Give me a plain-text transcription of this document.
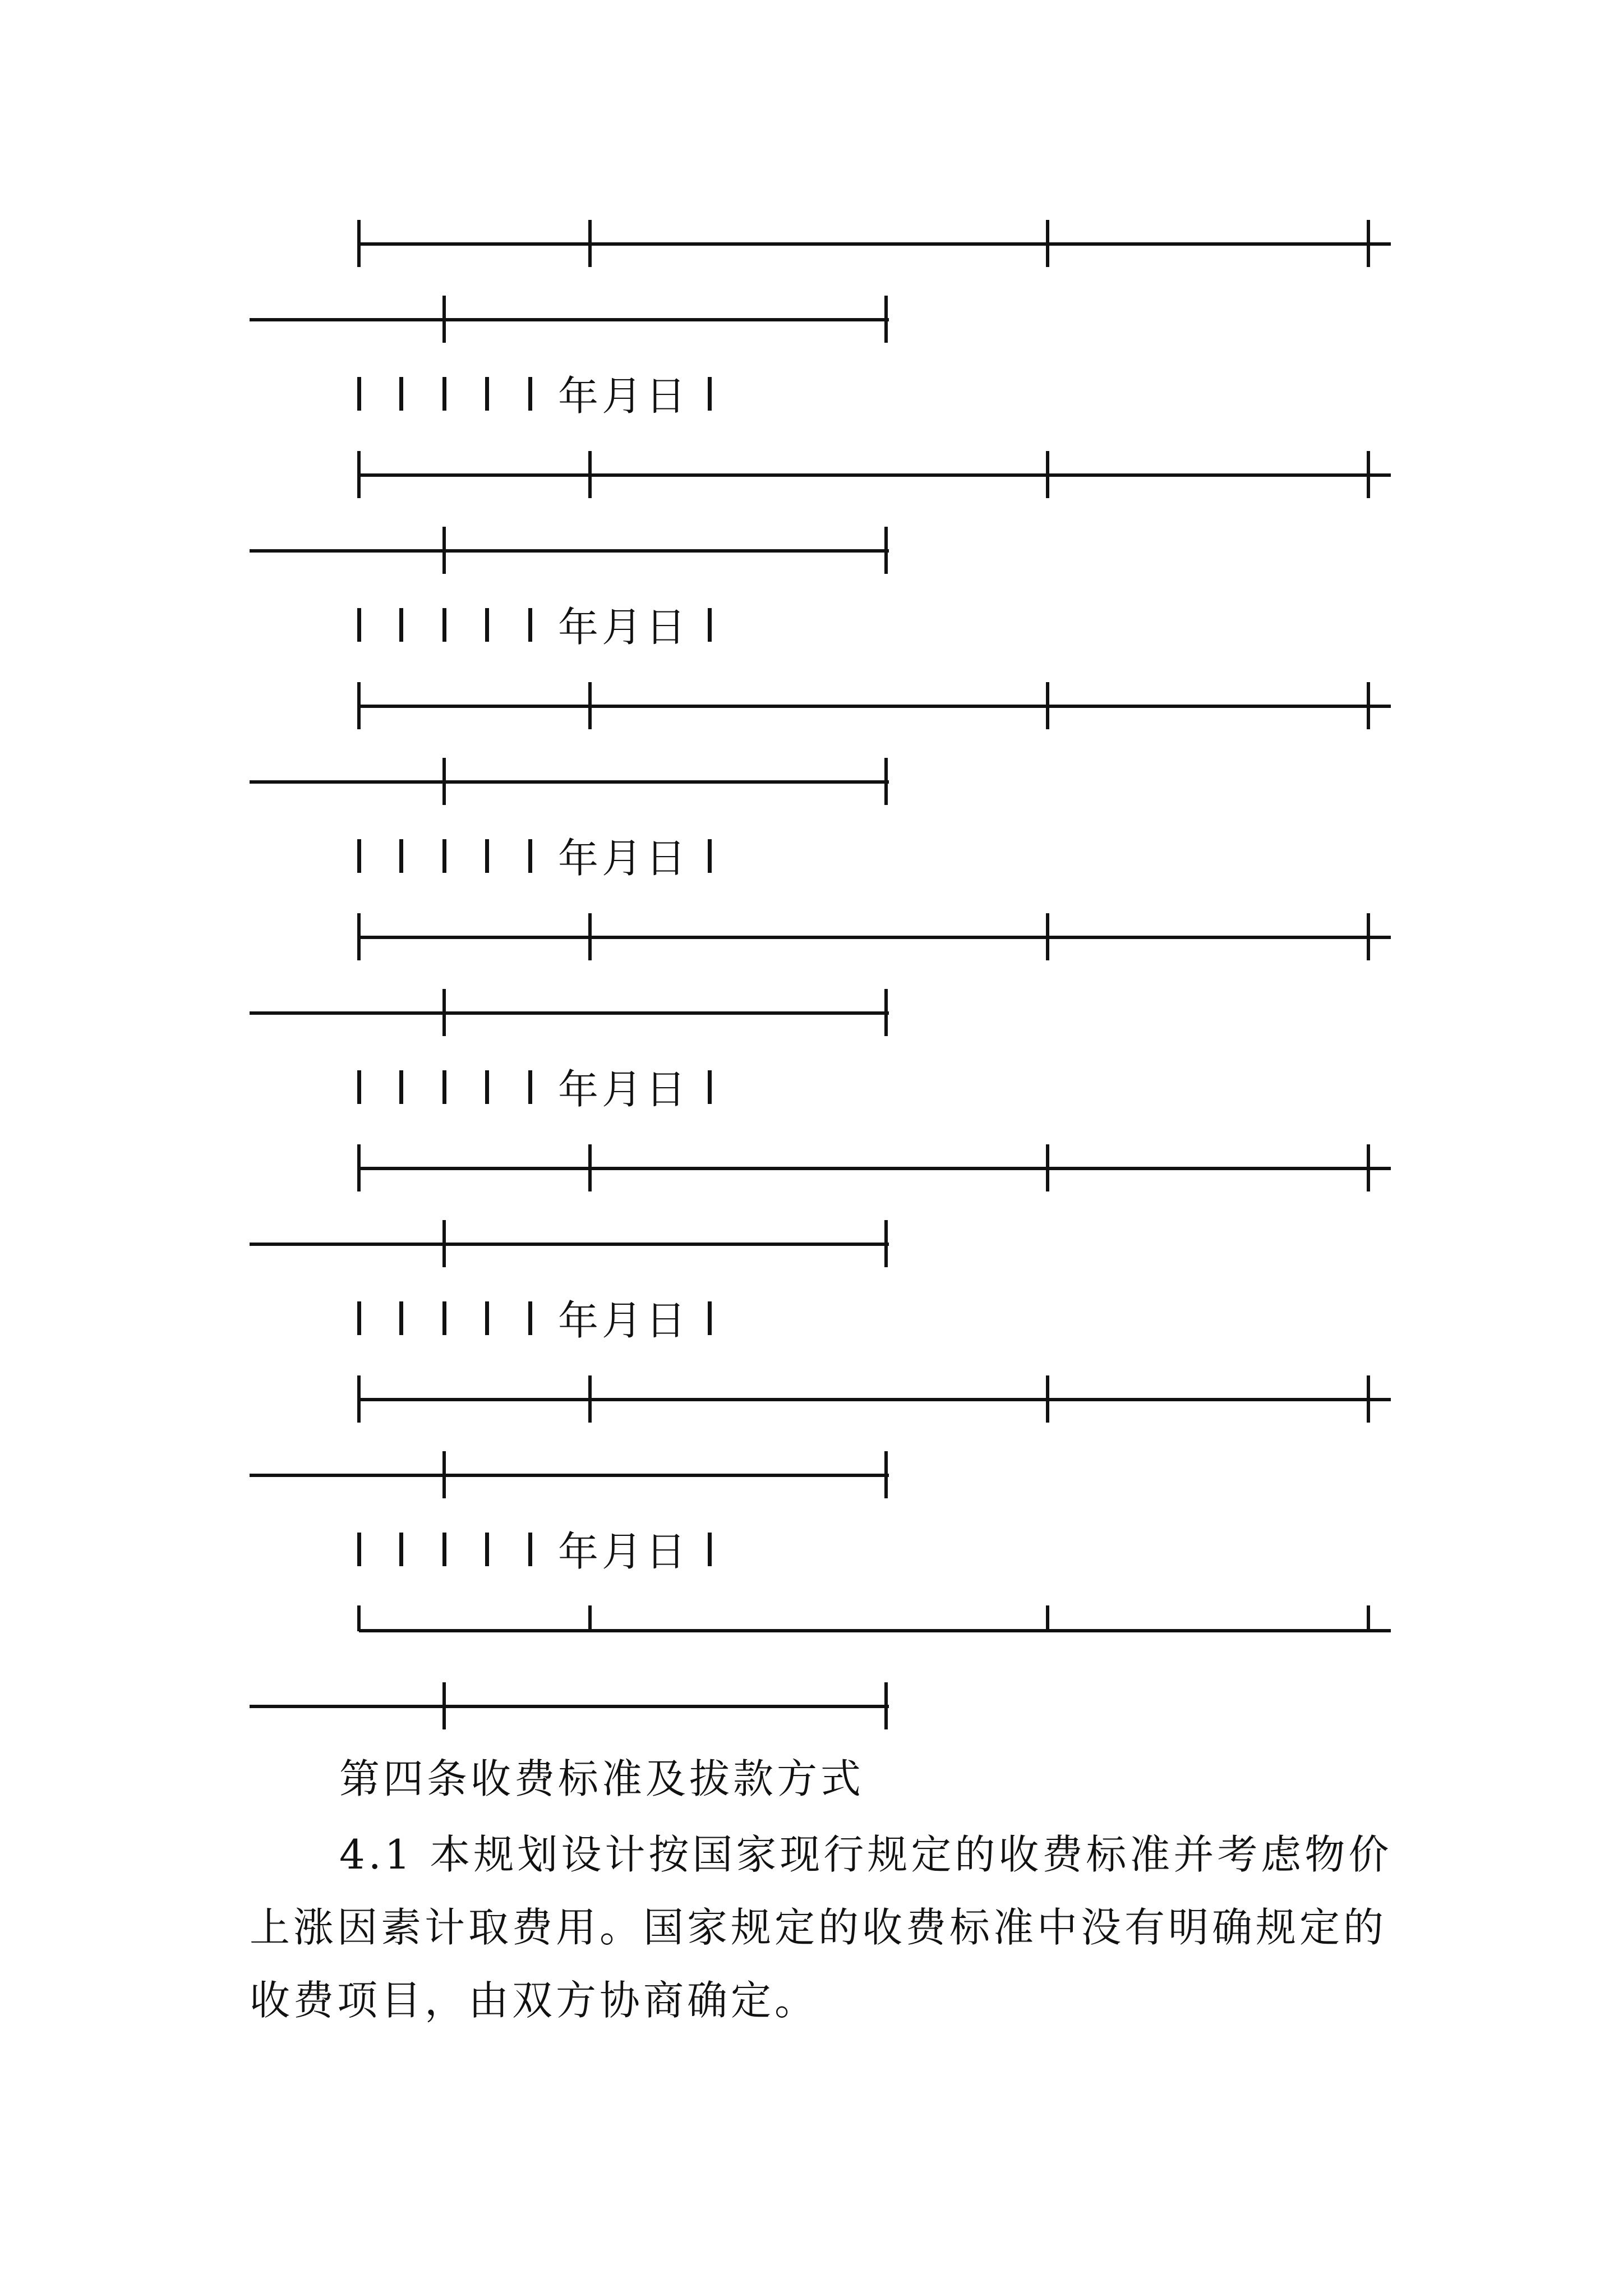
第四条收费标准及拔款方式
4.1 本规划设计按国家现行规定的收费标准并考虑物价
上涨因素计取费用。国家规定的收费标准中没有明确规定的
收费项目，由双方协商确定。
年月日
年月日
年月日
年月日
年月日
年月日
